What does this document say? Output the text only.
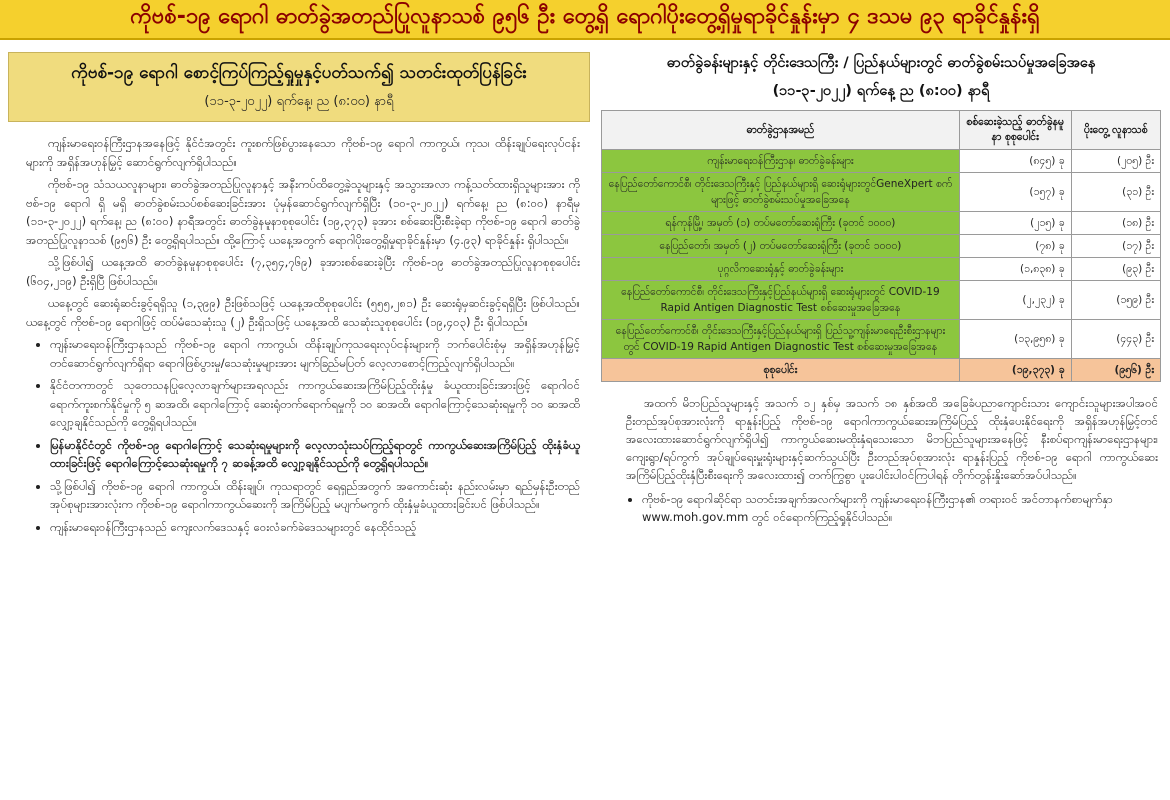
ကိုဗစ်-၁၉ ရောဂါ ဓာတ်ခွဲအတည်ပြုလူနာသစ် ၉၅၆ ဦး တွေ့ရှိ ရောဂါပိုးတွေ့ရှိမှုရာခိုင်နှုန်းမှာ ၄ ဒသမ ၉၃ ရာခိုင်နှုန်းရှိ
ကိုဗစ်-၁၉ ရောဂါ စောင့်ကြပ်ကြည့်ရှုမှုနှင့်ပတ်သက်၍ သတင်းထုတ်ပြန်ခြင်း
(၁၁-၃-၂၀၂၂) ရက်နေ့၊ ည (၈:၀၀) နာရီ

ကျန်းမာရေးဝန်ကြီးဌာနအနေဖြင့် နိုင်ငံအတွင်း ကူးစက်ဖြစ်ပွားနေသော ကိုဗစ်-၁၉ ရောဂါ ကာကွယ်၊ ကုသ၊ ထိန်းချုပ်ရေးလုပ်ငန်းများကို အရှိန်အဟုန်မြှင့် ဆောင်ရွက်လျက်ရှိပါသည်။

ကိုဗစ်-၁၉ သံသယလူနာများ၊ ဓာတ်ခွဲအတည်ပြုလူနာနှင့် အနီးကပ်ထိတွေ့ခဲ့သူများနှင့် အသွားအလာ ကန့်သတ်ထားရှိသူများအား ကိုဗစ်-၁၉ ရောဂါ ရှိ မရှိ ဓာတ်ခွဲစမ်းသပ်စစ်ဆေးခြင်းအား ပုံမှန်ဆောင်ရွက်လျက်ရှိပြီး (၁၀-၃-၂၀၂၂) ရက်နေ့၊ ည (၈:၀၀) နာရီမှ (၁၁-၃-၂၀၂၂) ရက်နေ့၊ ည (၈:၀၀) နာရီအတွင်း ဓာတ်ခွဲနမူနာစုစုပေါင်း (၁၉,၃၇၃) ခုအား စစ်ဆေးပြီးစီးခဲ့ရာ ကိုဗစ်-၁၉ ရောဂါ ဓာတ်ခွဲအတည်ပြုလူနာသစ် (၉၅၆) ဦး တွေ့ရှိရပါသည်။ ထို့ကြောင့် ယနေ့အတွက် ရောဂါပိုးတွေ့ရှိမှုရာခိုင်နှုန်းမှာ (၄.၉၃) ရာခိုင်နှုန်း ရှိပါသည်။

သို့ဖြစ်ပါ၍ ယနေ့အထိ ဓာတ်ခွဲနမူနာစုစုပေါင်း (၇,၃၅၄,၇၆၉) ခုအားစစ်ဆေးခဲ့ပြီး ကိုဗစ်-၁၉ ဓာတ်ခွဲအတည်ပြုလူနာစုစုပေါင်း (၆၀၄,၂၁၉) ဦးရှိပြီ ဖြစ်ပါသည်။

ယနေ့တွင် ဆေးရုံဆင်းခွင့်ရရှိသူ (၁,၃၉၉) ဦးဖြစ်သဖြင့် ယနေ့အထိစုစုပေါင်း (၅၅၅,၂၈၁) ဦး ဆေးရုံမှဆင်းခွင့်ရရှိပြီး ဖြစ်ပါသည်။ ယနေ့တွင် ကိုဗစ်-၁၉ ရောဂါဖြင့် ထပ်မံသေဆုံးသူ (၂) ဦးရှိသဖြင့် ယနေ့အထိ သေဆုံးသူစုစုပေါင်း (၁၉,၄၀၃) ဦး ရှိပါသည်။

• ကျန်းမာရေးဝန်ကြီးဌာနသည် ကိုဗစ်-၁၉ ရောဂါ ကာကွယ်၊ ထိန်းချုပ်ကုသရေးလုပ်ငန်းများကို ဘက်ပေါင်းစုံမှ အရှိန်အဟုန်မြှင့်တင်ဆောင်ရွက်လျက်ရှိရာ ရောဂါဖြစ်ပွားမှု/သေဆုံးမှုများအား မျက်ခြည်မပြတ် လေ့လာစောင့်ကြည့်လျက်ရှိပါသည်။
• နိုင်ငံတကာတွင် သုတေသနပြုလေ့လာချက်များအရလည်း ကာကွယ်ဆေးအကြိမ်ပြည့်ထိုးနှံမှု ခံယူထားခြင်းအားဖြင့် ရောဂါဝင်ရောက်ကူးစက်နိုင်မှုကို ၅ ဆအထိ၊ ရောဂါကြောင့် ဆေးရုံတက်ရောက်ရမှုကို ၁၀ ဆအထိ၊ ရောဂါကြောင့်သေဆုံးရမှုကို ၁၀ ဆအထိ လျှော့ချနိုင်သည်ကို တွေ့ရှိရပါသည်။
• မြန်မာနိုင်ငံတွင် ကိုဗစ်-၁၉ ရောဂါကြောင့် သေဆုံးရမှုများကို လေ့လာသုံးသပ်ကြည့်ရာတွင် ကာကွယ်ဆေးအကြိမ်ပြည့် ထိုးနှံခံယူထားခြင်းဖြင့် ရောဂါကြောင့်သေဆုံးရမှုကို ၇ ဆခန့်အထိ လျှော့ချနိုင်သည်ကို တွေ့ရှိရပါသည်။
• သို့ဖြစ်ပါ၍ ကိုဗစ်-၁၉ ရောဂါ ကာကွယ်၊ ထိန်းချုပ်၊ ကုသရာတွင် ရေရှည်အတွက် အကောင်းဆုံး နည်းလမ်းမှာ ရည်မှန်းဦးတည်အုပ်စုများအားလုံးက ကိုဗစ်-၁၉ ရောဂါကာကွယ်ဆေးကို အကြိမ်ပြည့် မပျက်မကွက် ထိုးနှံမှုခံယူထားခြင်းပင် ဖြစ်ပါသည်။
• ကျန်းမာရေးဝန်ကြီးဌာနသည် ကျေးလက်ဒေသနှင့် ဝေးလံခက်ခဲဒေသများတွင် နေထိုင်သည့်
ဓာတ်ခွဲခန်းများနှင့် တိုင်းဒေသကြီး / ပြည်နယ်များတွင် ဓာတ်ခွဲစမ်းသပ်မှုအခြေအနေ
(၁၁-၃-၂၀၂၂) ရက်နေ့ ည (၈:၀၀) နာရီ
ဓာတ်ခွဲဌာနအမည်	စစ်ဆေးခဲ့သည့် ဓာတ်ခွဲနမူနာ စုစုပေါင်း	ပိုးတွေ့ လူနာသစ်
ကျန်းမာရေးဝန်ကြီးဌာန၊ ဓာတ်ခွဲခန်းများ	(၈၄၅) ခု	(၂၀၅) ဦး
နေပြည်တော်ကောင်စီ၊ တိုင်းဒေသကြီးနှင့် ပြည်နယ်များရှိ ဆေးရုံများတွင်GeneXpert စက်များဖြင့် ဓာတ်ခွဲစမ်းသပ်မှုအခြေအနေ	(၁၅၇) ခု	(၃၁) ဦး
ရန်ကုန်မြို့၊ အမှတ် (၁) တပ်မတော်ဆေးရုံကြီး (ခုတင် ၁၀၀၀)	(၂၁၅) ခု	(၁၈) ဦး
နေပြည်တော်၊ အမှတ် (၂) တပ်မတော်ဆေးရုံကြီး (ခုတင် ၁၀၀၀)	(၇၈) ခု	(၁၇) ဦး
ပုဂ္ဂလိကဆေးရုံနှင့် ဓာတ်ခွဲခန်းများ	(၁,၈၃၈) ခု	(၉၃) ဦး
နေပြည်တော်ကောင်စီ၊ တိုင်းဒေသကြီးနှင့်ပြည်နယ်များရှိ ဆေးရုံများတွင် COVID-19 Rapid Antigen Diagnostic Test စစ်ဆေးမှုအခြေအနေ	(၂,၂၃၂) ခု	(၁၅၉) ဦး
နေပြည်တော်ကောင်စီ၊ တိုင်းဒေသကြီးနှင့်ပြည်နယ်များရှိ ပြည်သူ့ကျန်းမာရေးဦးစီးဌာနများတွင် COVID-19 Rapid Antigen Diagnostic Test စစ်ဆေးမှုအခြေအနေ	(၁၃,၉၅၈) ခု	(၄၄၃) ဦး
စုစုပေါင်း	(၁၉,၃၇၃) ခု	(၉၅၆) ဦး

အထက် မိဘပြည်သူများနှင့် အသက် ၁၂ နှစ်မှ အသက် ၁၈ နှစ်အထိ အခြေခံပညာကျောင်းသား ကျောင်းသူများအပါအဝင် ဦးတည်အုပ်စုအားလုံးကို ရာနှုန်းပြည့် ကိုဗစ်-၁၉ ရောဂါကာကွယ်ဆေးအကြိမ်ပြည့် ထိုးနှံပေးနိုင်ရေးကို အရှိန်အဟုန်မြှင့်တင် အလေးထားဆောင်ရွက်လျက်ရှိပါ၍ ကာကွယ်ဆေးမထိုးနှံရသေးသော မိဘပြည်သူများအနေဖြင့် နီးစပ်ရာကျန်းမာရေးဌာနများ၊ ကျေးရွာ/ရပ်ကွက် အုပ်ချုပ်ရေးမှူးရုံးများနှင့်ဆက်သွယ်ပြီး ဦးတည်အုပ်စုအားလုံး ရာနှုန်းပြည့် ကိုဗစ်-၁၉ ရောဂါ ကာကွယ်ဆေး အကြိမ်ပြည့်ထိုးနှံပြီးစီးရေးကို အလေးထား၍ တက်ကြွစွာ ပူးပေါင်းပါဝင်ကြပါရန် တိုက်တွန်းနှိုးဆော်အပ်ပါသည်။

• ကိုဗစ်-၁၉ ရောဂါဆိုင်ရာ သတင်းအချက်အလက်များကို ကျန်းမာရေးဝန်ကြီးဌာန၏ တရားဝင် အင်တာနက်စာမျက်နှာ www.moh.gov.mm တွင် ဝင်ရောက်ကြည့်ရှုနိုင်ပါသည်။
